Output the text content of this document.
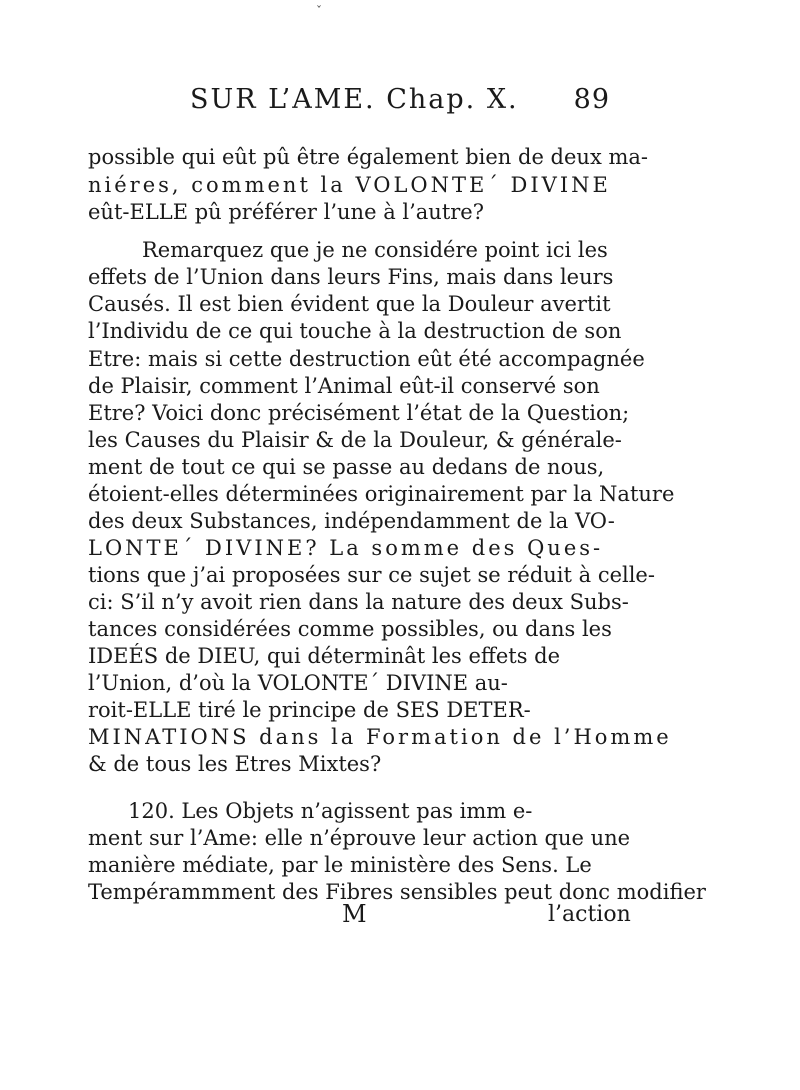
ˇ
SUR L’AME. Chap. X. 89
possible qui eût pû être également bien de deux ma-
niéres, comment la VOLONTE´ DIVINE
eût-ELLE pû préférer l’une à l’autre?
Remarquez que je ne considére point ici les
effets de l’Union dans leurs Fins, mais dans leurs
Causés. Il est bien évident que la Douleur avertit
l’Individu de ce qui touche à la destruction de son
Etre: mais si cette destruction eût été accompagnée
de Plaisir, comment l’Animal eût-il conservé son
Etre? Voici donc précisément l’état de la Question;
les Causes du Plaisir & de la Douleur, & générale-
ment de tout ce qui se passe au dedans de nous,
étoient-elles déterminées originairement par la Nature
des deux Substances, indépendamment de la VO-
LONTE´ DIVINE? La somme des Ques-
tions que j’ai proposées sur ce sujet se réduit à celle-
ci: S’il n’y avoit rien dans la nature des deux Subs-
tances considérées comme possibles, ou dans les
IDEÉS de DIEU, qui déterminât les effets de
l’Union, d’où la VOLONTE´ DIVINE au-
roit-ELLE tiré le principe de SES DETER-
MINATIONS dans la Formation de l’Homme
& de tous les Etres Mixtes?
120. Les Objets n’agissent pas imm e-
ment sur l’Ame: elle n’éprouve leur action que une
manière médiate, par le ministère des Sens. Le
Tempérammment des Fibres sensibles peut donc modifier
M	l’action
